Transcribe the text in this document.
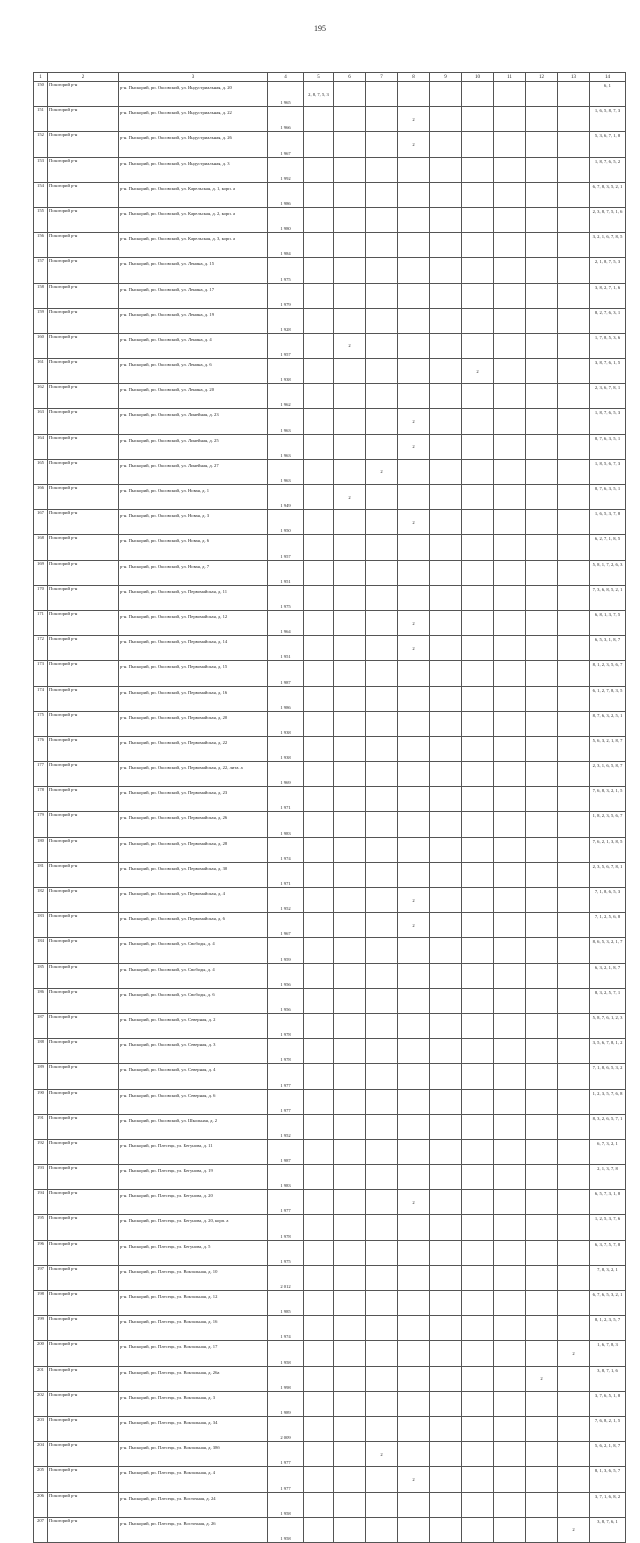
195
1	2	3	4	5	6	7	8	9	10	11	12	13	14
150	Пскогорий р-н	р-н. Пыскорий, рп. Оксовский, ул. Индустриальная, д. 20	1 965	2, 8, 7, 5, 3									6, 1
151	Пскогорий р-н	р-н. Пыскорий, рп. Оксовский, ул. Индустриальная, д. 22	1 966				2						1, 6, 5, 8, 7, 3
152	Пскогорий р-н	р-н. Пыскорий, рп. Оксовский, ул. Индустриальная, д. 26	1 967				2						5, 3, 6, 7, 1, 8
153	Пскогорий р-н	р-н. Пыскорий, рп. Оксовский, ул. Индустриальная, д. 3	1 992										1, 8, 7, 6, 5, 2
154	Пскогорий р-н	р-н. Пыскорий, рп. Оксовский, ул. Карельская, д. 1, корп. а	1 986										6, 7, 8, 3, 5, 2, 1
155	Пскогорий р-н	р-н. Пыскорий, рп. Оксовский, ул. Карельская, д. 2, корп. а	1 980										2, 3, 8, 7, 5, 1, 6
156	Пскогорий р-н	р-н. Пыскорий, рп. Оксовский, ул. Карельская, д. 3, корп. а	1 984										3, 2, 1, 6, 7, 8, 5
157	Пскогорий р-н	р-н. Пыскорий, рп. Оксовский, ул. Ленина, д. 15	1 975										2, 1, 8, 7, 5, 3
158	Пскогорий р-н	р-н. Пыскорий, рп. Оксовский, ул. Ленина, д. 17	1 979										3, 8, 2, 7, 1, 6
159	Пскогорий р-н	р-н. Пыскорий, рп. Оксовский, ул. Ленина, д. 19	1 928										8, 2, 7, 6, 3, 1
160	Пскогорий р-н	р-н. Пыскорий, рп. Оксовский, ул. Ленина, д. 4	1 957		2								1, 7, 8, 5, 3, 6
161	Пскогорий р-н	р-н. Пыскорий, рп. Оксовский, ул. Ленина, д. 6	1 938						2				3, 8, 7, 6, 1, 5
162	Пскогорий р-н	р-н. Пыскорий, рп. Оксовский, ул. Ленина, д. 20	1 962										2, 3, 6, 7, 8, 1
163	Пскогорий р-н	р-н. Пыскорий, рп. Оксовский, ул. Линейная, д. 23	1 963				2						1, 8, 7, 6, 5, 3
164	Пскогорий р-н	р-н. Пыскорий, рп. Оксовский, ул. Линейная, д. 25	1 963				2						8, 7, 6, 3, 5, 1
165	Пскогорий р-н	р-н. Пыскорий, рп. Оксовский, ул. Линейная, д. 27	1 963			2							1, 8, 5, 6, 7, 3
166	Пскогорий р-н	р-н. Пыскорий, рп. Оксовский, ул. Новая, д. 1	1 949		2								8, 7, 6, 3, 5, 1
167	Пскогорий р-н	р-н. Пыскорий, рп. Оксовский, ул. Новая, д. 3	1 950				2						1, 6, 5, 3, 7, 8
168	Пскогорий р-н	р-н. Пыскорий, рп. Оксовский, ул. Новая, д. 6	1 957										6, 2, 7, 1, 8, 5
169	Пскогорий р-н	р-н. Пыскорий, рп. Оксовский, ул. Новая, д. 7	1 951										5, 8, 1, 7, 2, 6, 3
170	Пскогорий р-н	р-н. Пыскорий, рп. Оксовский, ул. Первомайская, д. 11	1 975										7, 3, 6, 8, 5, 2, 1
171	Пскогорий р-н	р-н. Пыскорий, рп. Оксовский, ул. Первомайская, д. 12	1 964				2						6, 8, 1, 3, 7, 5
172	Пскогорий р-н	р-н. Пыскорий, рп. Оксовский, ул. Первомайская, д. 14	1 951				2						6, 5, 3, 1, 8, 7
173	Пскогорий р-н	р-н. Пыскорий, рп. Оксовский, ул. Первомайская, д. 15	1 987										8, 1, 2, 3, 5, 6, 7
174	Пскогорий р-н	р-н. Пыскорий, рп. Оксовский, ул. Первомайская, д. 16	1 986										6, 1, 2, 7, 8, 3, 5
175	Пскогорий р-н	р-н. Пыскорий, рп. Оксовский, ул. Первомайская, д. 20	1 938										8, 7, 6, 3, 2, 5, 1
176	Пскогорий р-н	р-н. Пыскорий, рп. Оксовский, ул. Первомайская, д. 22	1 938										5, 6, 3, 2, 1, 8, 7
177	Пскогорий р-н	р-н. Пыскорий, рп. Оксовский, ул. Первомайская, д. 22, лита. а	1 969										2, 3, 1, 6, 5, 8, 7
178	Пскогорий р-н	р-н. Пыскорий, рп. Оксовский, ул. Первомайская, д. 23	1 971										7, 6, 8, 3, 2, 1, 5
179	Пскогорий р-н	р-н. Пыскорий, рп. Оксовский, ул. Первомайская, д. 26	1 983										1, 8, 2, 3, 5, 6, 7
180	Пскогорий р-н	р-н. Пыскорий, рп. Оксовский, ул. Первомайская, д. 28	1 974										7, 6, 2, 1, 3, 8, 5
181	Пскогорий р-н	р-н. Пыскорий, рп. Оксовский, ул. Первомайская, д. 30	1 971										2, 3, 5, 6, 7, 8, 1
182	Пскогорий р-н	р-н. Пыскорий, рп. Оксовский, ул. Первомайская, д. 4	1 952				2						7, 1, 8, 6, 5, 3
183	Пскогорий р-н	р-н. Пыскорий, рп. Оксовский, ул. Первомайская, д. 6	1 967				2						7, 1, 2, 5, 6, 8
184	Пскогорий р-н	р-н. Пыскорий, рп. Оксовский, ул. Свободы, д. 4	1 959										8, 6, 5, 3, 2, 1, 7
185	Пскогорий р-н	р-н. Пыскорий, рп. Оксовский, ул. Свободы, д. 4	1 956										6, 3, 2, 1, 8, 7
186	Пскогорий р-н	р-н. Пыскорий, рп. Оксовский, ул. Свободы, д. 6	1 956										8, 3, 2, 5, 7, 1
187	Пскогорий р-н	р-н. Пыскорий, рп. Оксовский, ул. Северная, д. 2	1 978										5, 8, 7, 6, 1, 2, 3
188	Пскогорий р-н	р-н. Пыскорий, рп. Оксовский, ул. Северная, д. 3	1 978										3, 5, 6, 7, 8, 1, 2
189	Пскогорий р-н	р-н. Пыскорий, рп. Оксовский, ул. Северная, д. 4	1 977										7, 1, 8, 6, 5, 3, 2
190	Пскогорий р-н	р-н. Пыскорий, рп. Оксовский, ул. Северная, д. 6	1 977										1, 2, 3, 5, 7, 6, 8
191	Пскогорий р-н	р-н. Пыскорий, рп. Оксовский, ул. Школьная, д. 2	1 952										8, 3, 2, 6, 5, 7, 1
192	Пскогорий р-н	р-н. Пыскорий, рп. Плесецк, ул. Бегунова, д. 11	1 987										6, 7, 3, 2, 1
193	Пскогорий р-н	р-н. Пыскорий, рп. Плесецк, ул. Бегунова, д. 19	1 983										2, 1, 3, 7, 8
194	Пскогорий р-н	р-н. Пыскорий, рп. Плесецк, ул. Бегунова, д. 20	1 977				2						6, 5, 7, 3, 1, 8
195	Пскогорий р-н	р-н. Пыскорий, рп. Плесецк, ул. Бегунова, д. 20, корп. а	1 978										1, 2, 5, 3, 7, 6
196	Пскогорий р-н	р-н. Пыскорий, рп. Плесецк, ул. Бегунова, д. 5	1 975										6, 3, 7, 5, 7, 8
197	Пскогорий р-н	р-н. Пыскорий, рп. Плесецк, ул. Вокзальная, д. 10	2 012										7, 8, 3, 2, 1
198	Пскогорий р-н	р-н. Пыскорий, рп. Плесецк, ул. Вокзальная, д. 12	1 985										6, 7, 6, 5, 3, 2, 1
199	Пскогорий р-н	р-н. Пыскорий, рп. Плесецк, ул. Вокзальная, д. 16	1 974										8, 1, 2, 3, 5, 7
200	Пскогорий р-н	р-н. Пыскорий, рп. Плесецк, ул. Вокзальная, д. 17	1 958									2	1, 6, 7, 8, 3
201	Пскогорий р-н	р-н. Пыскорий, рп. Плесецк, ул. Вокзальная, д. 26а	1 998								2		3, 8, 7, 1, 6
202	Пскогорий р-н	р-н. Пыскорий, рп. Плесецк, ул. Вокзальная, д. 3	1 989										3, 7, 6, 5, 1, 8
203	Пскогорий р-н	р-н. Пыскорий, рп. Плесецк, ул. Вокзальная, д. 34	2 009										7, 6, 8, 2, 1, 5
204	Пскогорий р-н	р-н. Пыскорий, рп. Плесецк, ул. Вокзальная, д. 38б	1 977			2							5, 6, 2, 1, 8, 7
205	Пскогорий р-н	р-н. Пыскорий, рп. Плесецк, ул. Вокзальная, д. 4	1 977				2						8, 1, 3, 6, 5, 7
206	Пскогорий р-н	р-н. Пыскорий, рп. Плесецк, ул. Восточная, д. 24	1 958										3, 7, 1, 6, 8, 2
207	Пскогорий р-н	р-н. Пыскорий, рп. Плесецк, ул. Восточная, д. 26	1 958									2	3, 8, 7, 6, 1
